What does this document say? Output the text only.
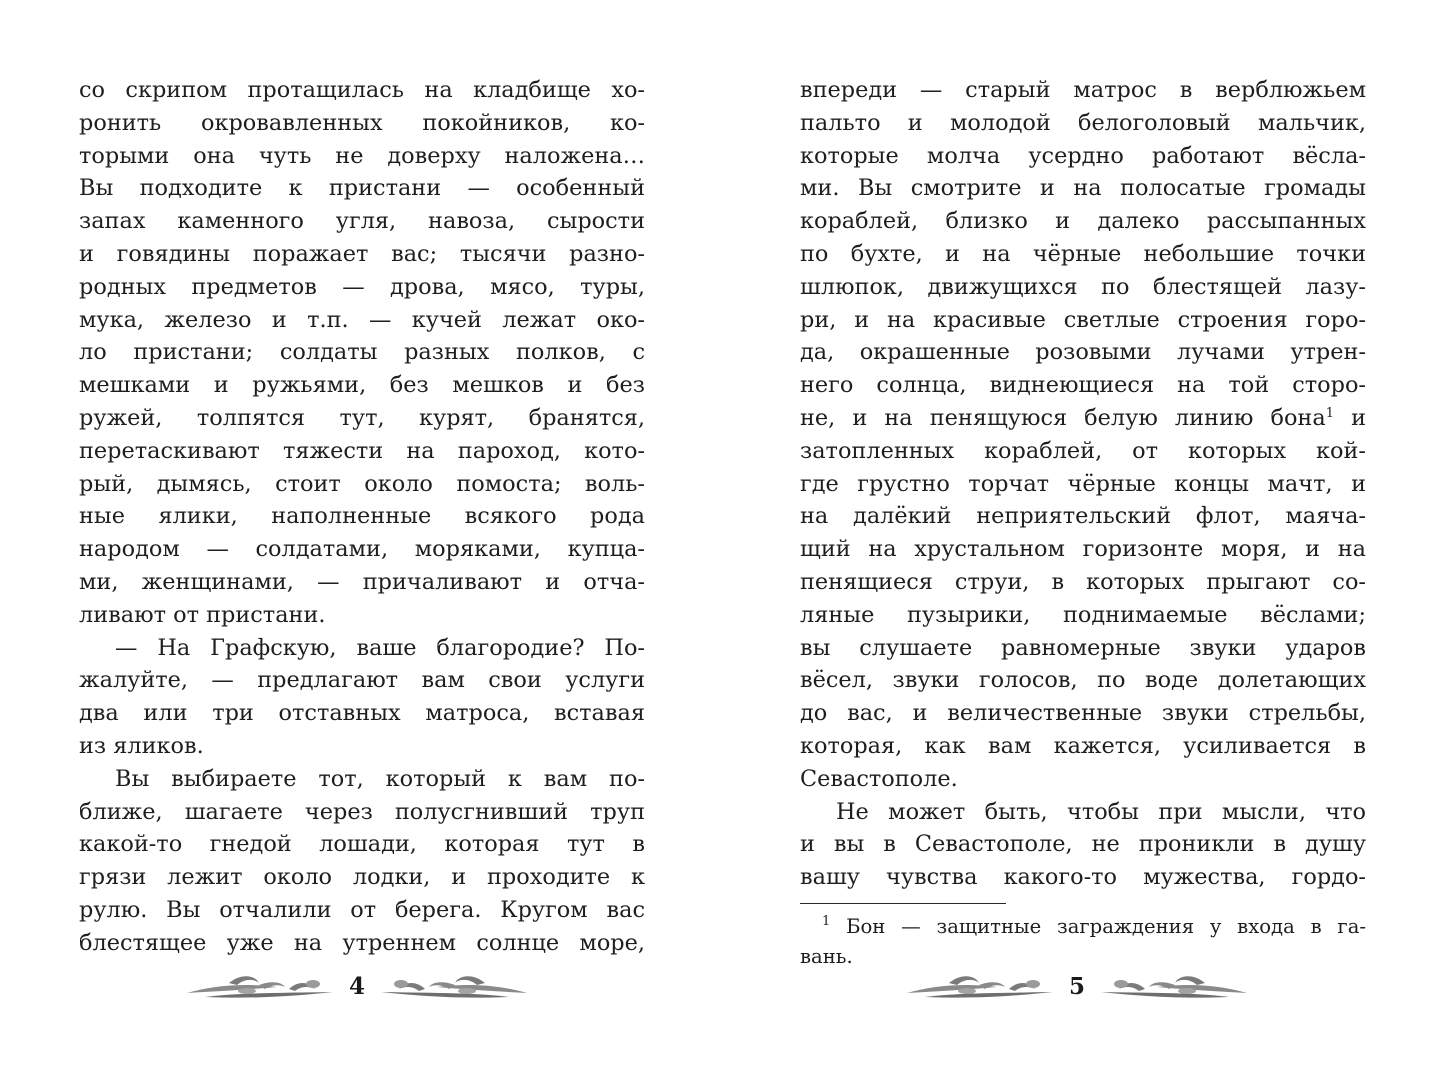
со скрипом протащилась на кладбище хо-
ронить окровавленных покойников, ко-
торыми она чуть не доверху наложена…
Вы подходите к пристани — особенный
запах каменного угля, навоза, сырости
и говядины поражает вас; тысячи разно-
родных предметов — дрова, мясо, туры,
мука, железо и т.п. — кучей лежат око-
ло пристани; солдаты разных полков, с
мешками и ружьями, без мешков и без
ружей, толпятся тут, курят, бранятся,
перетаскивают тяжести на пароход, кото-
рый, дымясь, стоит около помоста; воль-
ные ялики, наполненные всякого рода
народом — солдатами, моряками, купца-
ми, женщинами, — причаливают и отча-
ливают от пристани.
— На Графскую, ваше благородие? По-
жалуйте, — предлагают вам свои услуги
два или три отставных матроса, вставая
из яликов.
Вы выбираете тот, который к вам по-
ближе, шагаете через полусгнивший труп
какой-то гнедой лошади, которая тут в
грязи лежит около лодки, и проходите к
рулю. Вы отчалили от берега. Кругом вас
блестящее уже на утреннем солнце море,
впереди — старый матрос в верблюжьем
пальто и молодой белоголовый мальчик,
которые молча усердно работают вёсла-
ми. Вы смотрите и на полосатые громады
кораблей, близко и далеко рассыпанных
по бухте, и на чёрные небольшие точки
шлюпок, движущихся по блестящей лазу-
ри, и на красивые светлые строения горо-
да, окрашенные розовыми лучами утрен-
него солнца, виднеющиеся на той сторо-
не, и на пенящуюся белую линию бона$^1$ и
затопленных кораблей, от которых кой-
где грустно торчат чёрные концы мачт, и
на далёкий неприятельский флот, маяча-
щий на хрустальном горизонте моря, и на
пенящиеся струи, в которых прыгают со-
ляные пузырики, поднимаемые вёслами;
вы слушаете равномерные звуки ударов
вёсел, звуки голосов, по воде долетающих
до вас, и величественные звуки стрельбы,
которая, как вам кажется, усиливается в
Севастополе.
Не может быть, чтобы при мысли, что
и вы в Севастополе, не проникли в душу
вашу чувства какого-то мужества, гордо-
$^1$ Бон — защитные заграждения у входа в га-
вань.
4	5
